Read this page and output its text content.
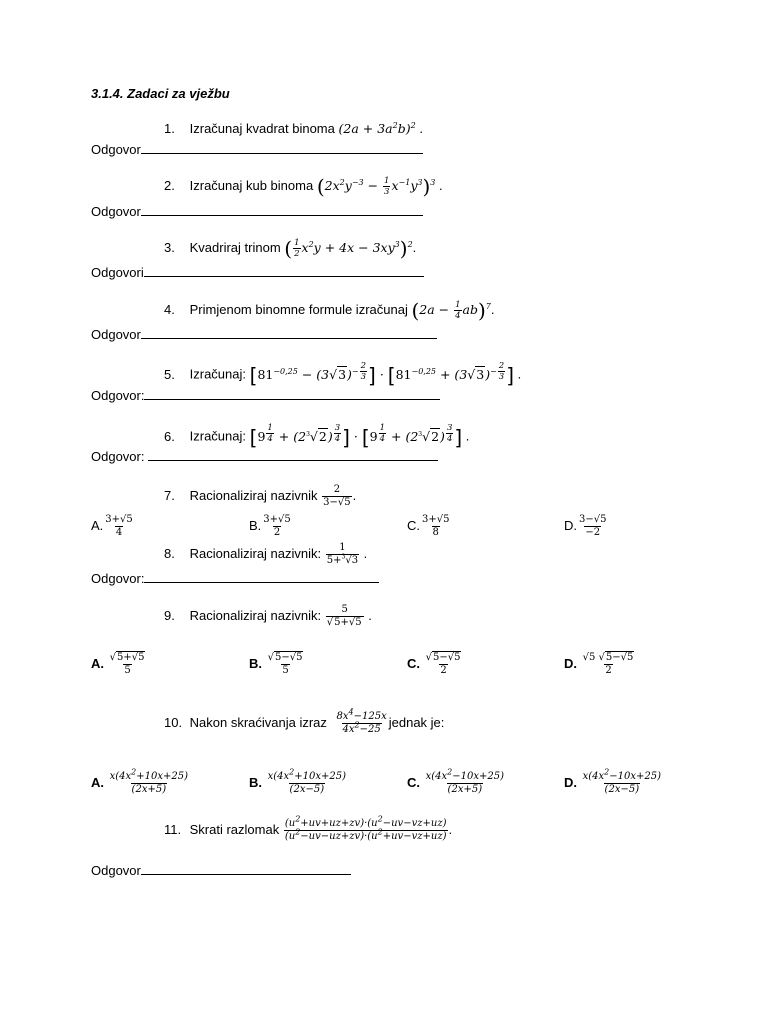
3.1.4. Zadaci za vježbu
1. Izračunaj kvadrat binoma $(2a + 3a^2b)^2$ .
Odgovor
2. Izračunaj kub binoma $(2x^2y^{-3} - \frac{1}{3} x^{-1}y^3)^3$ .
Odgovor
3. Kvadriraj trinom ( $\frac{1}{2} x^2y + 4x - 3xy^3)^2$.
Odgovori
4. Primjenom binomne formule izračunaj $(2a - \frac{1}{4} ab)^7$.
Odgovor
5. Izračunaj: [$81^{-0,25} - (3√3)^{- \frac{2}{3}}$ ] · [$81^{-0,25} + (3√3)^{- \frac{2}{3}}$ ] .
Odgovor:
6. Izračunaj: [9 $^{\frac{1}{4}} + (2^3√2)$ $^{\frac{3}{4}}$ ] · [9 $^{\frac{1}{4}} + (2^3√2)$ $^{\frac{3}{4}}$ ] .
Odgovor:
7. Racionaliziraj nazivnik $\frac{2}{3-√5}$ .
A. $\frac{3+√5}{4}$	B. $\frac{3+√5}{2}$	C. $\frac{3+√5}{8}$	D. $\frac{3-√5}{-2}$
8. Racionaliziraj nazivnik: $\frac{1}{5+^3√3}$ .
Odgovor:
9. Racionaliziraj nazivnik: $\frac{5}{√5+√5}$ .
A. $\frac{√5+√5}{5}$	B. $\frac{√5-√5}{5}$	C. $\frac{√5-√5}{2}$	D. $\frac{√5 √5-√5}{2}$
10. Nakon skraćivanja izraz $\frac{8x^4-125x}{4x^2-25}$ jednak je:
A. $\frac{x(4x^2+10x+25)}{(2x+5)}$	B. $\frac{x(4x^2+10x+25)}{(2x-5)}$	C. $\frac{x(4x^2-10x+25)}{(2x+5)}$	D. $\frac{x(4x^2-10x+25)}{(2x-5)}$
11. Skrati razlomak $\frac{(u^2+uv+uz+zv)\cdot(u^2-uv-vz+uz)}{(u^2-uv-uz+zv)\cdot(u^2+uv-vz+uz)}$ .
Odgovor
